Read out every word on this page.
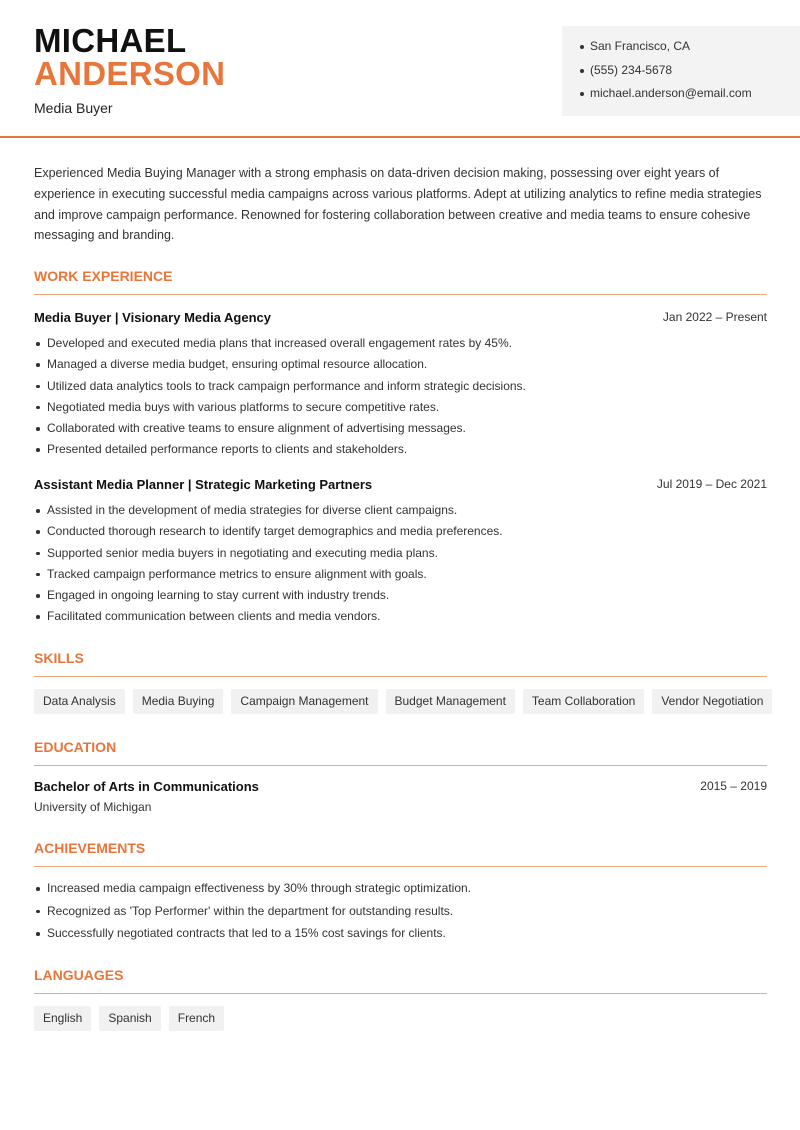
MICHAEL
ANDERSON
Media Buyer
San Francisco, CA
(555) 234-5678
michael.anderson@email.com

Experienced Media Buying Manager with a strong emphasis on data-driven decision making, possessing over eight years of experience in executing successful media campaigns across various platforms. Adept at utilizing analytics to refine media strategies and improve campaign performance. Renowned for fostering collaboration between creative and media teams to ensure cohesive messaging and branding.

WORK EXPERIENCE
Media Buyer | Visionary Media Agency	Jan 2022 – Present
Developed and executed media plans that increased overall engagement rates by 45%.
Managed a diverse media budget, ensuring optimal resource allocation.
Utilized data analytics tools to track campaign performance and inform strategic decisions.
Negotiated media buys with various platforms to secure competitive rates.
Collaborated with creative teams to ensure alignment of advertising messages.
Presented detailed performance reports to clients and stakeholders.
Assistant Media Planner | Strategic Marketing Partners	Jul 2019 – Dec 2021
Assisted in the development of media strategies for diverse client campaigns.
Conducted thorough research to identify target demographics and media preferences.
Supported senior media buyers in negotiating and executing media plans.
Tracked campaign performance metrics to ensure alignment with goals.
Engaged in ongoing learning to stay current with industry trends.
Facilitated communication between clients and media vendors.
SKILLS
Data Analysis	Media Buying	Campaign Management	Budget Management	Team Collaboration	Vendor Negotiation
EDUCATION
Bachelor of Arts in Communications	2015 – 2019
University of Michigan
ACHIEVEMENTS
Increased media campaign effectiveness by 30% through strategic optimization.
Recognized as 'Top Performer' within the department for outstanding results.
Successfully negotiated contracts that led to a 15% cost savings for clients.
LANGUAGES
English	Spanish	French
